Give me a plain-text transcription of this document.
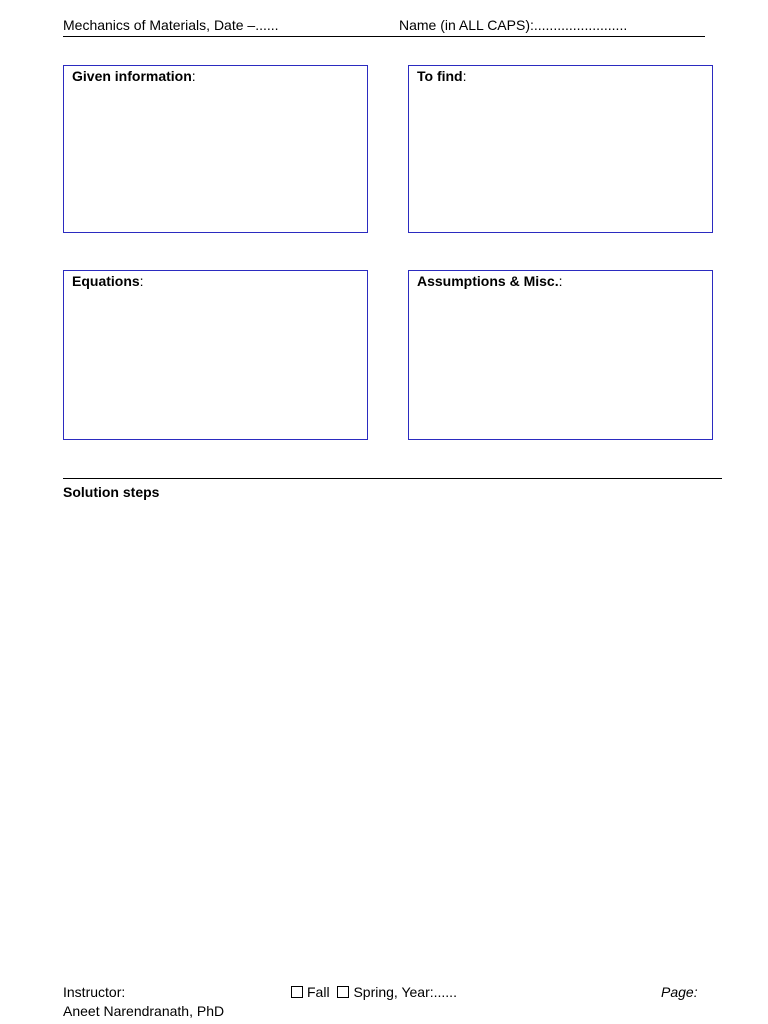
Mechanics of Materials, Date –......	Name (in ALL CAPS):........................
Given information:	To find:
Equations:	Assumptions & Misc.:
Solution steps
Instructor:
Aneet Narendranath, PhD
Fall Spring, Year:......	Page:
